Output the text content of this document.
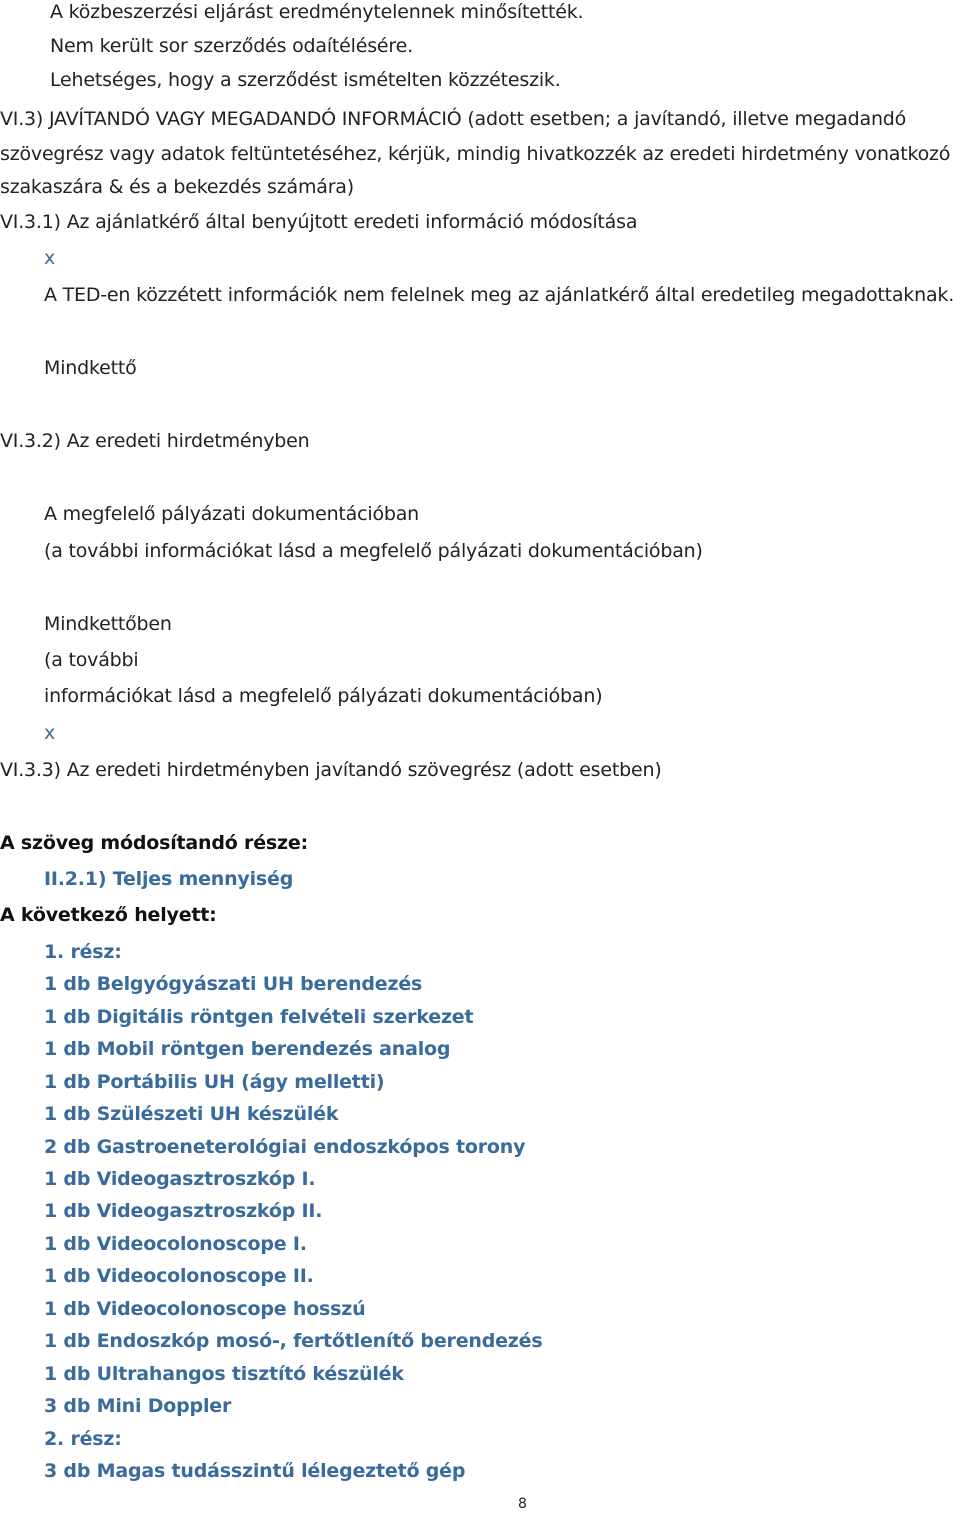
A közbeszerzési eljárást eredménytelennek minősítették.
Nem került sor szerződés odaítélésére.
Lehetséges, hogy a szerződést ismételten közzéteszik.
VI.3) JAVÍTANDÓ VAGY MEGADANDÓ INFORMÁCIÓ (adott esetben; a javítandó, illetve megadandó
szövegrész vagy adatok feltüntetéséhez, kérjük, mindig hivatkozzék az eredeti hirdetmény vonatkozó
szakaszára & és a bekezdés számára)
VI.3.1) Az ajánlatkérő által benyújtott eredeti információ módosítása
x
A TED-en közzétett információk nem felelnek meg az ajánlatkérő által eredetileg megadottaknak.
Mindkettő
VI.3.2) Az eredeti hirdetményben
A megfelelő pályázati dokumentációban
(a további információkat lásd a megfelelő pályázati dokumentációban)
Mindkettőben
(a további
információkat lásd a megfelelő pályázati dokumentációban)
x
VI.3.3) Az eredeti hirdetményben javítandó szövegrész (adott esetben)
A szöveg módosítandó része:
II.2.1) Teljes mennyiség
A következő helyett:
1. rész:
1 db Belgyógyászati UH berendezés
1 db Digitális röntgen felvételi szerkezet
1 db Mobil röntgen berendezés analog
1 db Portábilis UH (ágy melletti)
1 db Szülészeti UH készülék
2 db Gastroeneterológiai endoszkópos torony
1 db Videogasztroszkóp I.
1 db Videogasztroszkóp II.
1 db Videocolonoscope I.
1 db Videocolonoscope II.
1 db Videocolonoscope hosszú
1 db Endoszkóp mosó-, fertőtlenítő berendezés
1 db Ultrahangos tisztító készülék
3 db Mini Doppler
2. rész:
3 db Magas tudásszintű lélegeztető gép
8
